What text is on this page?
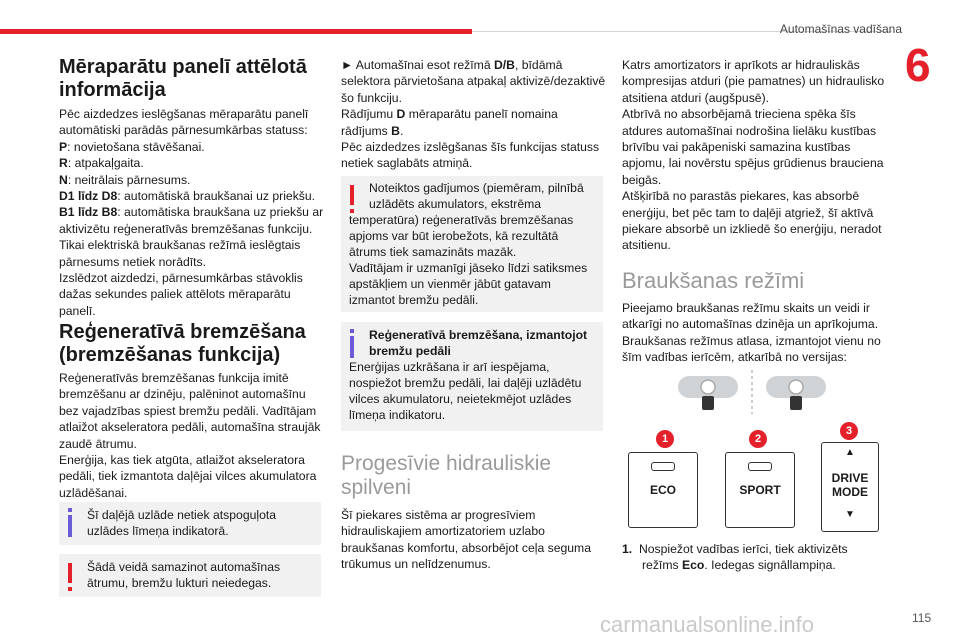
Automašīnas vadīšana
6
Mēraparātu panelī attēlotā
informācija

Pēc aizdedzes ieslēgšanas mēraparātu panelī

automātiski parādās pārnesumkārbas statuss:

P: novietošana stāvēšanai.

R: atpakaļgaita.

N: neitrālais pārnesums.

D1 līdz D8: automātiskā braukšanai uz priekšu.

B1 līdz B8: automātiska braukšana uz priekšu ar

aktivizētu reģeneratīvās bremzēšanas funkciju.

Tikai elektriskā braukšanas režīmā ieslēgtais

pārnesums netiek norādīts.

Izslēdzot aizdedzi, pārnesumkārbas stāvoklis

dažas sekundes paliek attēlots mēraparātu

panelī.

Reģeneratīvā bremzēšana
(bremzēšanas funkcija)

Reģeneratīvās bremzēšanas funkcija imitē

bremzēšanu ar dzinēju, palēninot automašīnu

bez vajadzības spiest bremžu pedāli. Vadītājam

atlaižot akseleratora pedāli, automašīna straujāk

zaudē ātrumu.

Enerģija, kas tiek atgūta, atlaižot akseleratora

pedāli, tiek izmantota daļējai vilces akumulatora

uzlādēšanai.

Šī daļējā uzlāde netiek atspoguļota

uzlādes līmeņa indikatorā.

Šādā veidā samazinot automašīnas

ātrumu, bremžu lukturi neiedegas.

► Automašīnai esot režīmā D/B, bīdāmā

selektora pārvietošana atpakaļ aktivizē/dezaktivē

šo funkciju.

Rādījumu D mēraparātu panelī nomaina

rādījums B.

Pēc aizdedzes izslēgšanas šīs funkcijas statuss

netiek saglabāts atmiņā.

Noteiktos gadījumos (piemēram, pilnībā

uzlādēts akumulators, ekstrēma

temperatūra) reģeneratīvās bremzēšanas

apjoms var būt ierobežots, kā rezultātā

ātrums tiek samazināts mazāk.

Vadītājam ir uzmanīgi jāseko līdzi satiksmes

apstākļiem un vienmēr jābūt gatavam

izmantot bremžu pedāli.

Reģeneratīvā bremzēšana, izmantojot

bremžu pedāli

Enerģijas uzkrāšana ir arī iespējama,

nospiežot bremžu pedāli, lai daļēji uzlādētu

vilces akumulatoru, neietekmējot uzlādes

līmeņa indikatoru.

Progesīvie hidrauliskie
spilveni

Šī piekares sistēma ar progresīviem

hidrauliskajiem amortizatoriem uzlabo

braukšanas komfortu, absorbējot ceļa seguma

trūkumus un nelīdzenumus.

Katrs amortizators ir aprīkots ar hidrauliskās

kompresijas atduri (pie pamatnes) un hidraulisko

atsitiena atduri (augšpusē).

Atbrīvā no absorbējamā trieciena spēka šīs

atdures automašīnai nodrošina lielāku kustības

brīvību vai pakāpeniski samazina kustības

apjomu, lai novērstu spējus grūdienus brauciena

beigās.

Atšķirībā no parastās piekares, kas absorbē

enerģiju, bet pēc tam to daļēji atgriež, šī aktīvā

piekare absorbē un izkliedē šo enerģiju, neradot

atsitienu.

Braukšanas režīmi

Pieejamo braukšanas režīmu skaits un veidi ir

atkarīgi no automašīnas dzinēja un aprīkojuma.

Braukšanas režīmus atlasa, izmantojot vienu no

šīm vadības ierīcēm, atkarībā no versijas:

1	2
3
ECO	SPORT
▲
DRIVE
MODE
▼

1. Nospiežot vadības ierīci, tiek aktivizēts

režīms Eco. Iedegas signāllampiņa.

carmanualsonline.info	115
